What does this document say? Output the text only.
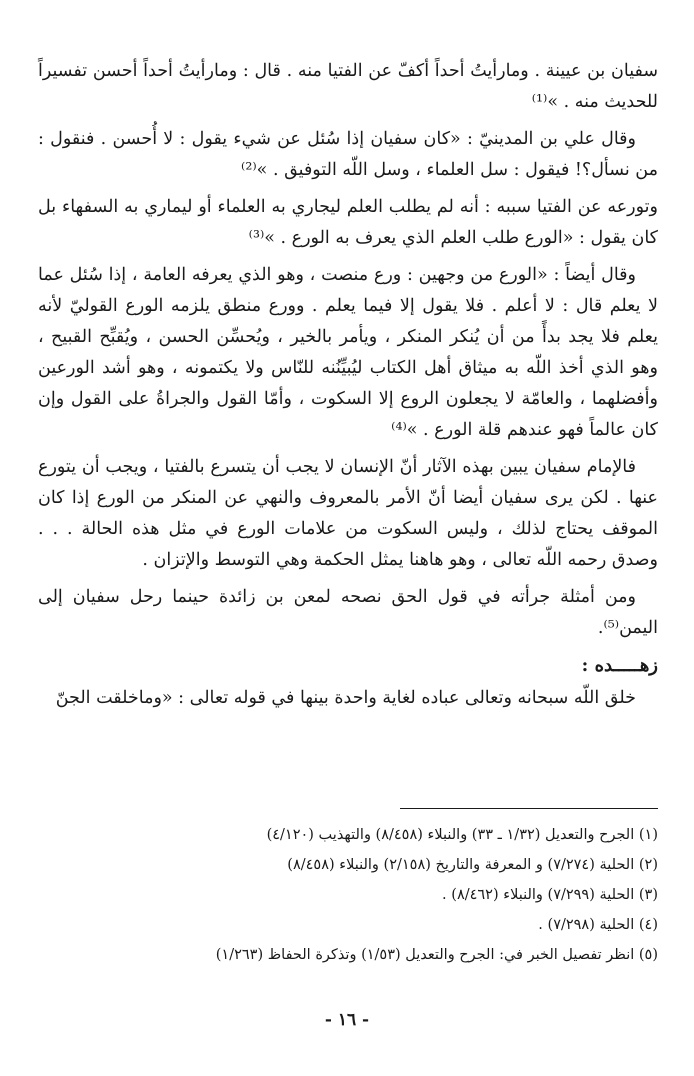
سفيان بن عيينة . ومارأيتُ أحداً أكفّ عن الفتيا منه . قال : ومارأيتُ أحداً أحسن تفسيراً للحديث منه . »⁽¹⁾

وقال علي بن المدينيّ : «كان سفيان إذا سُئل عن شيء يقول : لا أُحسن . فنقول : من نسأل؟! فيقول : سل العلماء ، وسل اللّه التوفيق . »⁽²⁾

وتورعه عن الفتيا سببه : أنه لم يطلب العلم ليجاري به العلماء أو ليماري به السفهاء بل كان يقول : «الورع طلب العلم الذي يعرف به الورع . »⁽³⁾

وقال أيضاً : «الورع من وجهين : ورع منصت ، وهو الذي يعرفه العامة ، إذا سُئل عما لا يعلم قال : لا أعلم . فلا يقول إلا فيما يعلم . وورع منطق يلزمه الورع القوليّ لأنه يعلم فلا يجد بدأً من أن يُنكر المنكر ، ويأمر بالخير ، ويُحسِّن الحسن ، ويُقبِّح القبيح ، وهو الذي أخذ اللّه به ميثاق أهل الكتاب ليُبيِّنُنه للنّاس ولا يكتمونه ، وهو أشد الورعين وأفضلهما ، والعامّة لا يجعلون الروع إلا السكوت ، وأمّا القول والجراةُ على القول وإن كان عالماً فهو عندهم قلة الورع . »⁽⁴⁾

فالإمام سفيان يبين بهذه الآثار أنّ الإنسان لا يجب أن يتسرع بالفتيا ، ويجب أن يتورع عنها . لكن يرى سفيان أيضا أنّ الأمر بالمعروف والنهي عن المنكر من الورع إذا كان الموقف يحتاج لذلك ، وليس السكوت من علامات الورع في مثل هذه الحالة . . . وصدق رحمه اللّه تعالى ، وهو هاهنا يمثل الحكمة وهي التوسط والإتزان .

ومن أمثلة جرأته في قول الحق نصحه لمعن بن زائدة حينما رحل سفيان إلى اليمن⁽⁵⁾.

زهـــــده :

خلق اللّه سبحانه وتعالى عباده لغاية واحدة بينها في قوله تعالى : «وماخلقت الجنّ

(١) الجرح والتعديل (١/٣٢ ـ ٣٣) والنبلاء (٨/٤٥٨) والتهذيب (٤/١٢٠)

(٢) الحلية (٧/٢٧٤) و المعرفة والتاريخ (٢/١٥٨) والنبلاء (٨/٤٥٨)

(٣) الحلية (٧/٢٩٩) والنبلاء (٨/٤٦٢) .

(٤) الحلية (٧/٢٩٨) .

(٥) انظر تفصيل الخبر في: الجرح والتعديل (١/٥٣) وتذكرة الحفاظ (١/٢٦٣)

- ١٦ -
